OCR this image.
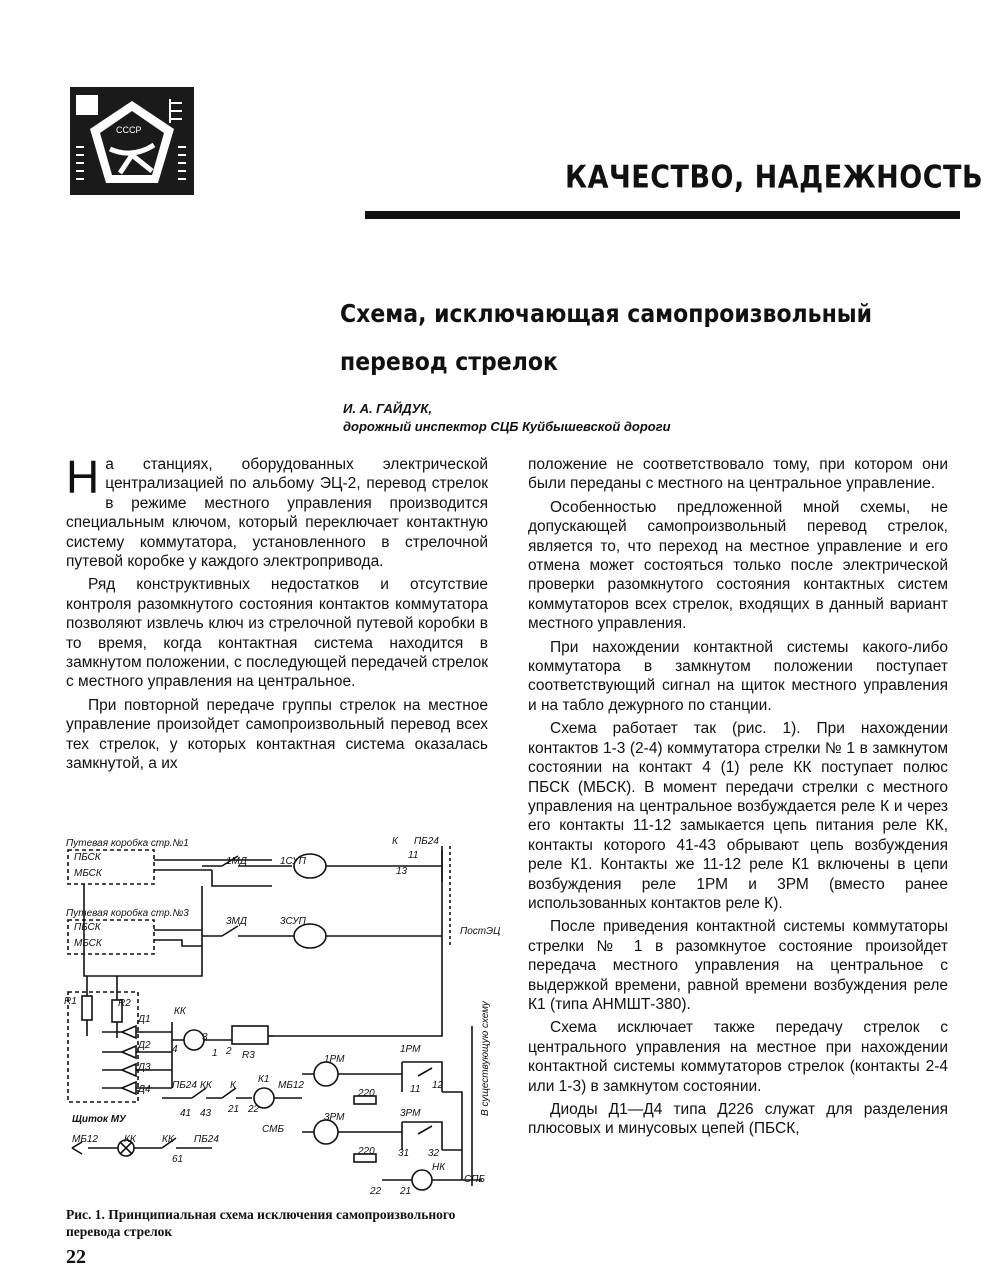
СССР
КАЧЕСТВО, НАДЕЖНОСТЬ
Схема, исключающая самопроизвольный
перевод стрелок
И. А. ГАЙДУК,
дорожный инспектор СЦБ Куйбышевской дороги

На станциях, оборудованных электрической централизацией по альбому ЭЦ-2, перевод стрелок в режиме местного управления производится специальным ключом, который переключает контактную систему коммутатора, установленного в стрелочной путевой коробке у каждого электропривода.

Ряд конструктивных недостатков и отсутствие контроля разомкнутого состояния контактов коммутатора позволяют извлечь ключ из стрелочной путевой коробки в то время, когда контактная система находится в замкнутом положении, с последующей передачей стрелок с местного управления на центральное.

При повторной передаче группы стрелок на местное управление произойдет самопроизвольный перевод всех тех стрелок, у которых контактная система оказалась замкнутой, а их

положение не соответствовало тому, при котором они были переданы с местного на центральное управление.

Особенностью предложенной мной схемы, не допускающей самопроизвольный перевод стрелок, является то, что переход на местное управление и его отмена может состояться только после электрической проверки разомкнутого состояния контактных систем коммутаторов всех стрелок, входящих в данный вариант местного управления.

При нахождении контактной системы какого-либо коммутатора в замкнутом положении поступает соответствующий сигнал на щиток местного управления и на табло дежурного по станции.

Схема работает так (рис. 1). При нахождении контактов 1-3 (2-4) коммутатора стрелки № 1 в замкнутом состоянии на контакт 4 (1) реле КК поступает полюс ПБСК (МБСК). В момент передачи стрелки с местного управления на центральное возбуждается реле К и через его контакты 11-12 замыкается цепь питания реле КК, контакты которого 41-43 обрывают цепь возбуждения реле К1. Контакты же 11-12 реле К1 включены в цепи возбуждения реле 1РМ и 3РМ (вместо ранее использованных контактов реле К).

После приведения контактной системы коммутаторы стрелки № 1 в разомкнутое состояние произойдет передача местного управления на центральное с выдержкой времени, равной времени возбуждения реле К1 (типа АНМШТ-380).

Схема исключает также передачу стрелок с центрального управления на местное при нахождении контактной системы коммутаторов стрелок (контакты 2-4 или 1-3) в замкнутом состоянии.

Диоды Д1—Д4 типа Д226 служат для разделения плюсовых и минусовых цепей (ПБСК,

Путевая коробка стр.№1
Путевая коробка стр.№3
ПБСК
МБСК
ПБСК
МБСК
1МД	1СУП
3МД	3СУП
К ПБ24
11
13
ПостЭЦ
R1	R2
Д1
Д2
Д3
Д4
КК
R3
3
4	1 2
1РМ
1РМ
220
220
11 12
ПБ24 КК К
К1
МБ12
41 43 21 22
Щиток МУ
МБ12	КК	КК ПБ24
61
СМБ
3РМ	3РМ
31 32
НК
22 21
СПБ
В существующую схему
Рис. 1. Принципиальная схема исключения самопроизвольного перевода стрелок
22
